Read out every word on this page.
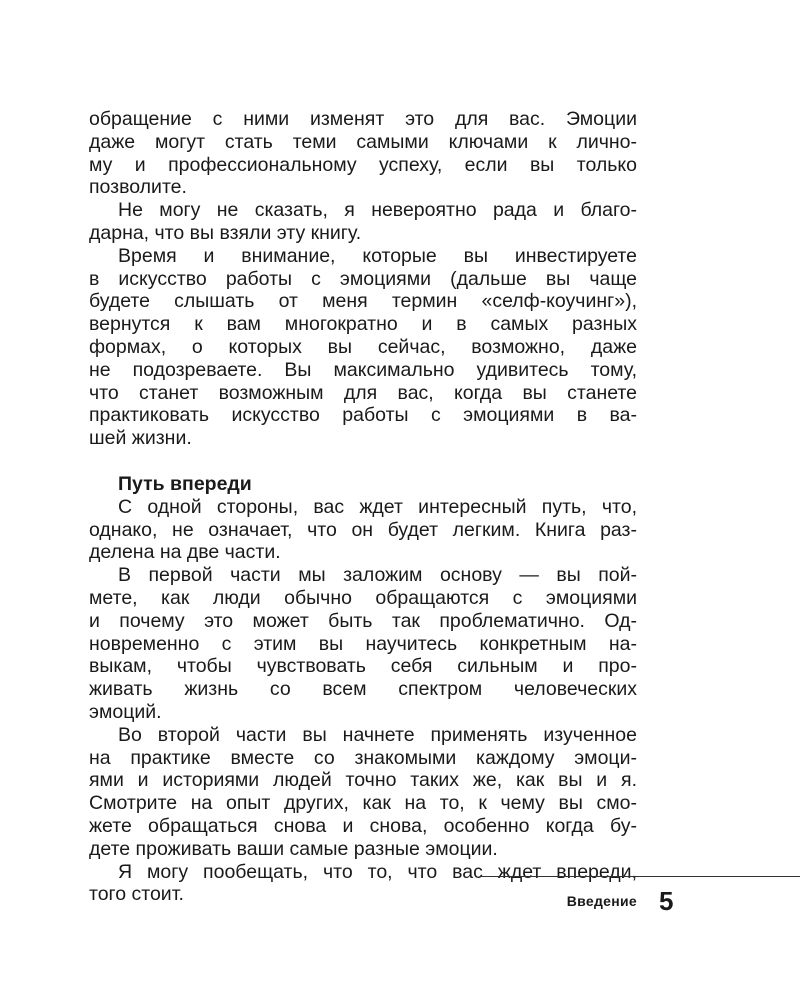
обращение с ними изменят это для вас. Эмоции
даже могут стать теми самыми ключами к лично-
му и профессиональному успеху, если вы только
позволите.
Не могу не сказать, я невероятно рада и благо-
дарна, что вы взяли эту книгу.
Время и внимание, которые вы инвестируете
в искусство работы с эмоциями (дальше вы чаще
будете слышать от меня термин «селф-коучинг»),
вернутся к вам многократно и в самых разных
формах, о которых вы сейчас, возможно, даже
не подозреваете. Вы максимально удивитесь тому,
что станет возможным для вас, когда вы станете
практиковать искусство работы с эмоциями в ва-
шей жизни.
Путь впереди
С одной стороны, вас ждет интересный путь, что,
однако, не означает, что он будет легким. Книга раз-
делена на две части.
В первой части мы заложим основу — вы пой-
мете, как люди обычно обращаются с эмоциями
и почему это может быть так проблематично. Од-
новременно с этим вы научитесь конкретным на-
выкам, чтобы чувствовать себя сильным и про-
живать жизнь со всем спектром человеческих
эмоций.
Во второй части вы начнете применять изученное
на практике вместе со знакомыми каждому эмоци-
ями и историями людей точно таких же, как вы и я.
Смотрите на опыт других, как на то, к чему вы смо-
жете обращаться снова и снова, особенно когда бу-
дете проживать ваши самые разные эмоции.
Я могу пообещать, что то, что вас ждет впереди,
того стоит.	Введение 5
